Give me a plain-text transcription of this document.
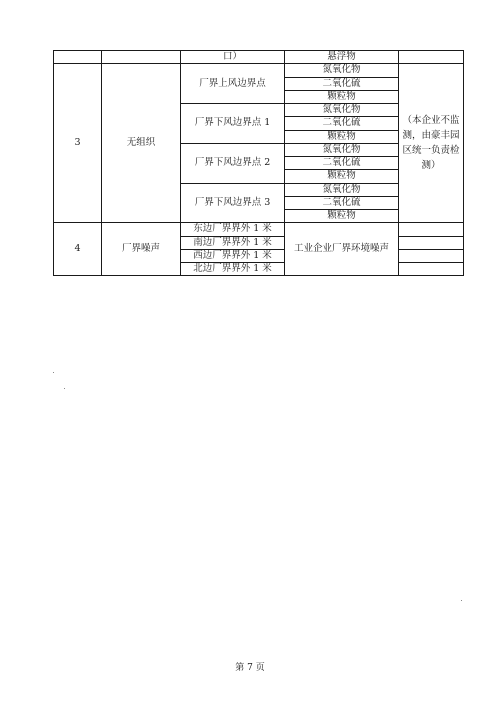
		口）	悬浮物	
3	无组织	厂界上风边界点	氮氧化物	（本企业不监测，由豪丰园区统一负责检测）
			二氧化硫	
			颗粒物	
		厂界下风边界点 1	氮氧化物	
			二氧化硫	
			颗粒物	
		厂界下风边界点 2	氮氧化物	
			二氧化硫	
			颗粒物	
		厂界下风边界点 3	氮氧化物	
			二氧化硫	
			颗粒物	
4	厂界噪声	东边厂界界外 1 米	工业企业厂界环境噪声	
		南边厂界界外 1 米		
		西边厂界界外 1 米		
		北边厂界界外 1 米		
第 7 页
